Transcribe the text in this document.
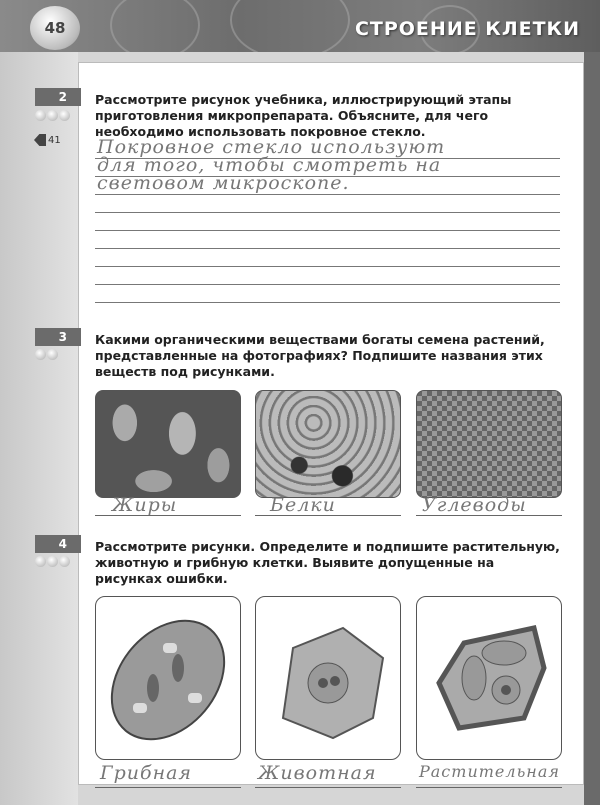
48	СТРОЕНИЕ КЛЕТКИ
2
41
Рассмотрите рисунок учебника, иллюстрирующий этапы приготовления микропрепарата. Объясните, для чего необходимо использовать покровное стекло.
Покровное стекло используют
для того, чтобы смотреть на
световом микроскопе.
3	Какими органическими веществами богаты семена растений, представленные на фотографиях? Подпишите названия этих веществ под рисунками.
Жиры	Белки	Углеводы
4	Рассмотрите рисунки. Определите и подпишите растительную, животную и грибную клетки. Выявите допущенные на рисунках ошибки.
Грибная	Животная	Растительная
